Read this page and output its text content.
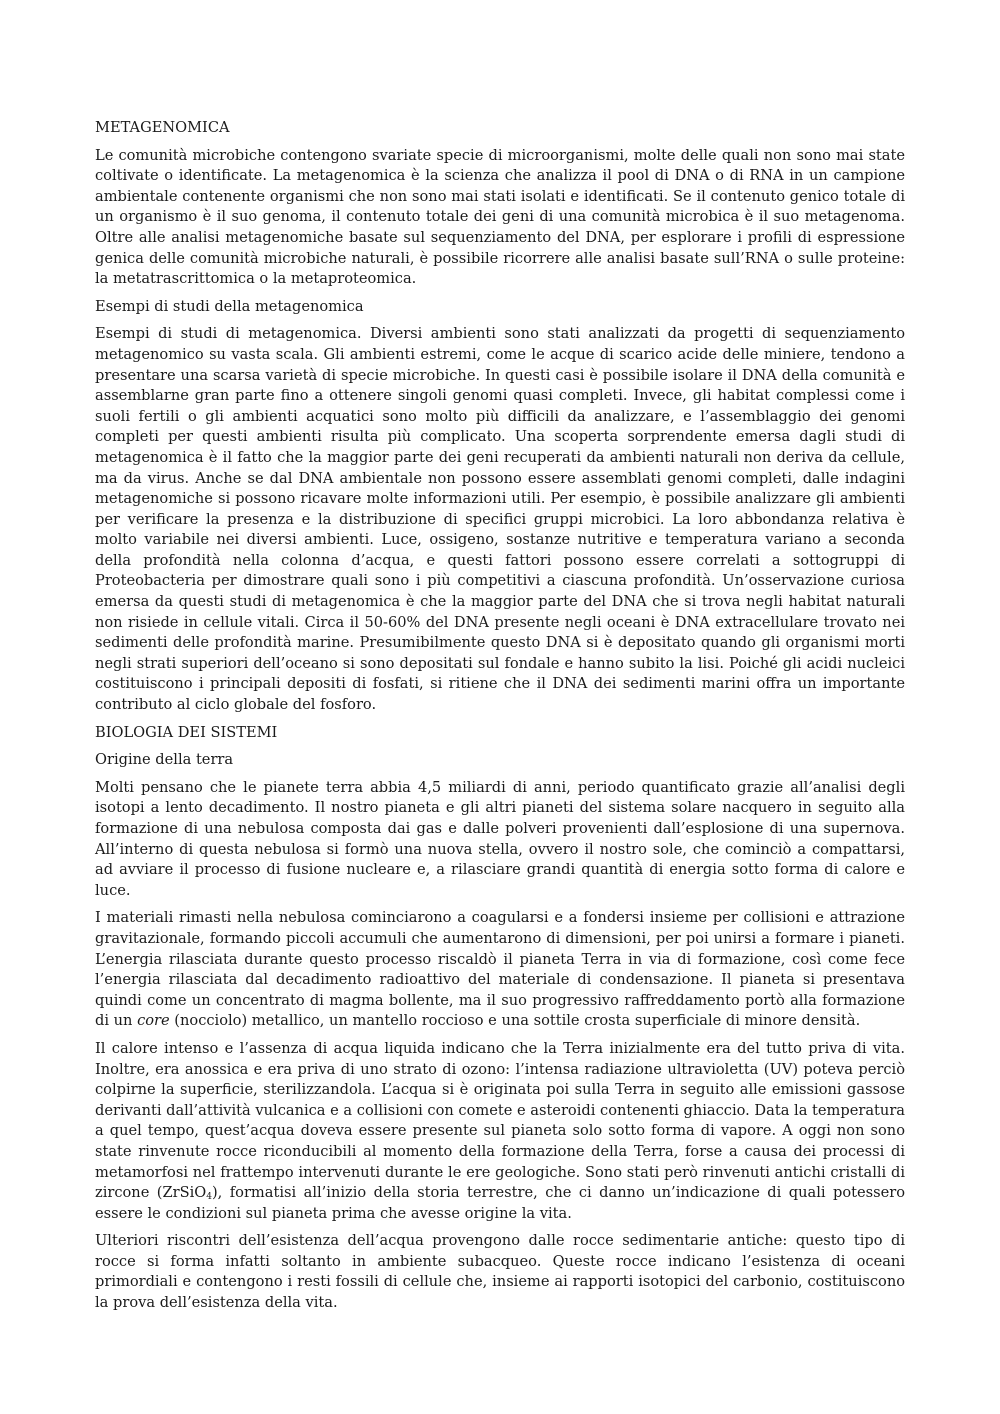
METAGENOMICA

Le comunità microbiche contengono svariate specie di microorganismi, molte delle quali non sono mai state coltivate o identificate. La metagenomica è la scienza che analizza il pool di DNA o di RNA in un campione ambientale contenente organismi che non sono mai stati isolati e identificati. Se il contenuto genico totale di un organismo è il suo genoma, il contenuto totale dei geni di una comunità microbica è il suo metagenoma. Oltre alle analisi metagenomiche basate sul sequenziamento del DNA, per esplorare i profili di espressione genica delle comunità microbiche naturali, è possibile ricorrere alle analisi basate sull’RNA o sulle proteine: la metatrascrittomica o la metaproteomica.

Esempi di studi della metagenomica

Esempi di studi di metagenomica. Diversi ambienti sono stati analizzati da progetti di sequenziamento metagenomico su vasta scala. Gli ambienti estremi, come le acque di scarico acide delle miniere, tendono a presentare una scarsa varietà di specie microbiche. In questi casi è possibile isolare il DNA della comunità e assemblarne gran parte fino a ottenere singoli genomi quasi completi. Invece, gli habitat complessi come i suoli fertili o gli ambienti acquatici sono molto più difficili da analizzare, e l’assemblaggio dei genomi completi per questi ambienti risulta più complicato. Una scoperta sorprendente emersa dagli studi di metagenomica è il fatto che la maggior parte dei geni recuperati da ambienti naturali non deriva da cellule, ma da virus. Anche se dal DNA ambientale non possono essere assemblati genomi completi, dalle indagini metagenomiche si possono ricavare molte informazioni utili. Per esempio, è possibile analizzare gli ambienti per verificare la presenza e la distribuzione di specifici gruppi microbici. La loro abbondanza relativa è molto variabile nei diversi ambienti. Luce, ossigeno, sostanze nutritive e temperatura variano a seconda della profondità nella colonna d’acqua, e questi fattori possono essere correlati a sottogruppi di Proteobacteria per dimostrare quali sono i più competitivi a ciascuna profondità. Un’osservazione curiosa emersa da questi studi di metagenomica è che la maggior parte del DNA che si trova negli habitat naturali non risiede in cellule vitali. Circa il 50-60% del DNA presente negli oceani è DNA extracellulare trovato nei sedimenti delle profondità marine. Presumibilmente questo DNA si è depositato quando gli organismi morti negli strati superiori dell’oceano si sono depositati sul fondale e hanno subito la lisi. Poiché gli acidi nucleici costituiscono i principali depositi di fosfati, si ritiene che il DNA dei sedimenti marini offra un importante contributo al ciclo globale del fosforo.

BIOLOGIA DEI SISTEMI
Origine della terra

Molti pensano che le pianete terra abbia 4,5 miliardi di anni, periodo quantificato grazie all’analisi degli isotopi a lento decadimento. Il nostro pianeta e gli altri pianeti del sistema solare nacquero in seguito alla formazione di una nebulosa composta dai gas e dalle polveri provenienti dall’esplosione di una supernova. All’interno di questa nebulosa si formò una nuova stella, ovvero il nostro sole, che cominciò a compattarsi, ad avviare il processo di fusione nucleare e, a rilasciare grandi quantità di energia sotto forma di calore e luce.

I materiali rimasti nella nebulosa cominciarono a coagularsi e a fondersi insieme per collisioni e attrazione gravitazionale, formando piccoli accumuli che aumentarono di dimensioni, per poi unirsi a formare i pianeti. L’energia rilasciata durante questo processo riscaldò il pianeta Terra in via di formazione, così come fece l’energia rilasciata dal decadimento radioattivo del materiale di condensazione. Il pianeta si presentava quindi come un concentrato di magma bollente, ma il suo progressivo raffreddamento portò alla formazione di un core (nocciolo) metallico, un mantello roccioso e una sottile crosta superficiale di minore densità.

Il calore intenso e l’assenza di acqua liquida indicano che la Terra inizialmente era del tutto priva di vita. Inoltre, era anossica e era priva di uno strato di ozono: l’intensa radiazione ultravioletta (UV) poteva perciò colpirne la superficie, sterilizzandola. L’acqua si è originata poi sulla Terra in seguito alle emissioni gassose derivanti dall’attività vulcanica e a collisioni con comete e asteroidi contenenti ghiaccio. Data la temperatura a quel tempo, quest’acqua doveva essere presente sul pianeta solo sotto forma di vapore. A oggi non sono state rinvenute rocce riconducibili al momento della formazione della Terra, forse a causa dei processi di metamorfosi nel frattempo intervenuti durante le ere geologiche. Sono stati però rinvenuti antichi cristalli di zircone (ZrSiO$_4$), formatisi all’inizio della storia terrestre, che ci danno un’indicazione di quali potessero essere le condizioni sul pianeta prima che avesse origine la vita.

Ulteriori riscontri dell’esistenza dell’acqua provengono dalle rocce sedimentarie antiche: questo tipo di rocce si forma infatti soltanto in ambiente subacqueo. Queste rocce indicano l’esistenza di oceani primordiali e contengono i resti fossili di cellule che, insieme ai rapporti isotopici del carbonio, costituiscono la prova dell’esistenza della vita.
